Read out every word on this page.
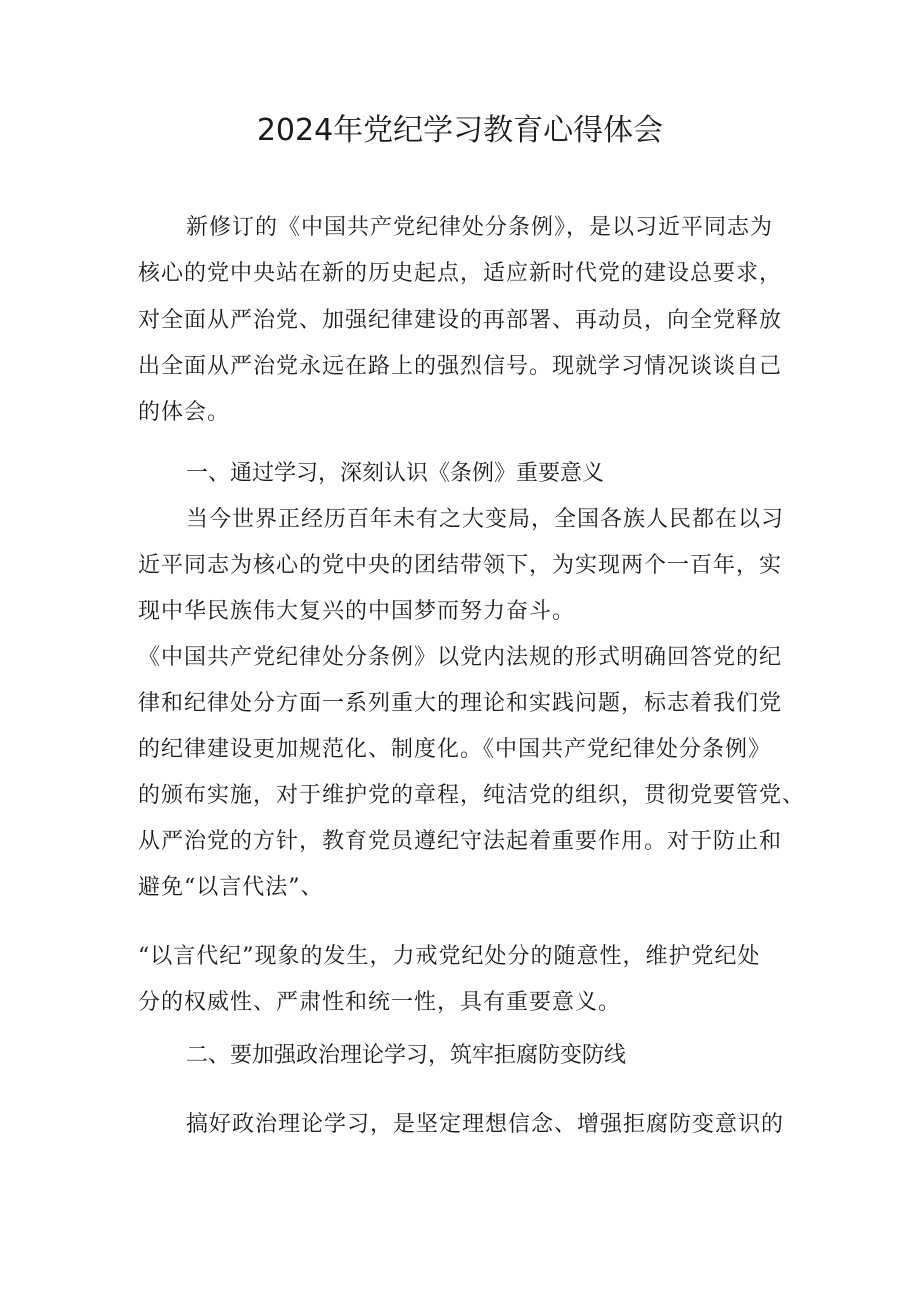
2024年党纪学习教育心得体会

新修订的《中国共产党纪律处分条例》，是以习近平同志为

核心的党中央站在新的历史起点，适应新时代党的建设总要求，

对全面从严治党、加强纪律建设的再部署、再动员，向全党释放

出全面从严治党永远在路上的强烈信号。现就学习情况谈谈自己

的体会。

一、通过学习，深刻认识《条例》重要意义

当今世界正经历百年未有之大变局，全国各族人民都在以习

近平同志为核心的党中央的团结带领下，为实现两个一百年，实

现中华民族伟大复兴的中国梦而努力奋斗。

《中国共产党纪律处分条例》以党内法规的形式明确回答党的纪

律和纪律处分方面一系列重大的理论和实践问题，标志着我们党

的纪律建设更加规范化、制度化。《中国共产党纪律处分条例》

的颁布实施，对于维护党的章程，纯洁党的组织，贯彻党要管党、

从严治党的方针，教育党员遵纪守法起着重要作用。对于防止和

避免“以言代法”、

“以言代纪”现象的发生，力戒党纪处分的随意性，维护党纪处

分的权威性、严肃性和统一性，具有重要意义。

二、要加强政治理论学习，筑牢拒腐防变防线

搞好政治理论学习，是坚定理想信念、增强拒腐防变意识的
